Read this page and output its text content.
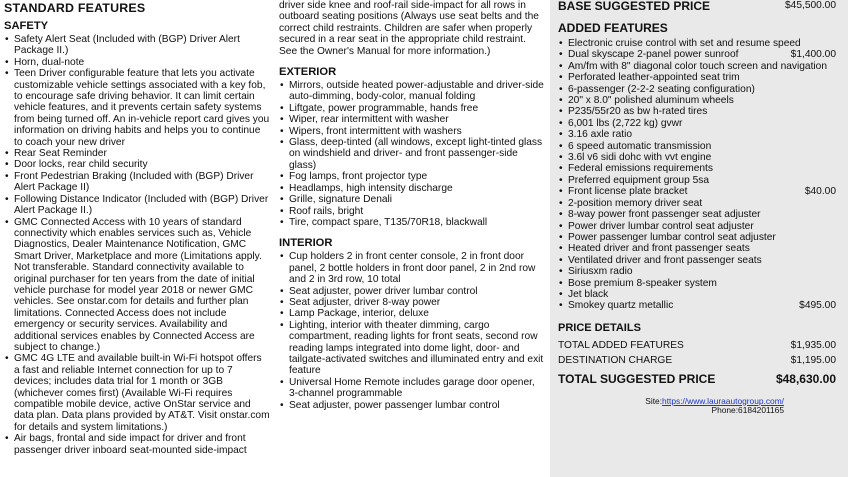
STANDARD FEATURES
SAFETY
• Safety Alert Seat (Included with (BGP) Driver Alert Package II.)
• Horn, dual-note
• Teen Driver configurable feature that lets you activate customizable vehicle settings associated with a key fob, to encourage safe driving behavior. It can limit certain vehicle features, and it prevents certain safety systems from being turned off. An in-vehicle report card gives you information on driving habits and helps you to continue to coach your new driver
• Rear Seat Reminder
• Door locks, rear child security
• Front Pedestrian Braking (Included with (BGP) Driver Alert Package II)
• Following Distance Indicator (Included with (BGP) Driver Alert Package II.)
• GMC Connected Access with 10 years of standard connectivity which enables services such as, Vehicle Diagnostics, Dealer Maintenance Notification, GMC Smart Driver, Marketplace and more (Limitations apply. Not transferable. Standard connectivity available to original purchaser for ten years from the date of initial vehicle purchase for model year 2018 or newer GMC vehicles. See onstar.com for details and further plan limitations. Connected Access does not include emergency or security services. Availability and additional services enables by Connected Access are subject to change.)
• GMC 4G LTE and available built-in Wi-Fi hotspot offers a fast and reliable Internet connection for up to 7 devices; includes data trial for 1 month or 3GB (whichever comes first) (Available Wi-Fi requires compatible mobile device, active OnStar service and data plan. Data plans provided by AT&T. Visit onstar.com for details and system limitations.)
• Air bags, frontal and side impact for driver and front passenger driver inboard seat-mounted side-impact

driver side knee and roof-rail side-impact for all rows in outboard seating positions (Always use seat belts and the correct child restraints. Children are safer when properly secured in a rear seat in the appropriate child restraint. See the Owner's Manual for more information.)

EXTERIOR
• Mirrors, outside heated power-adjustable and driver-side auto-dimming, body-color, manual folding
• Liftgate, power programmable, hands free
• Wiper, rear intermittent with washer
• Wipers, front intermittent with washers
• Glass, deep-tinted (all windows, except light-tinted glass on windshield and driver- and front passenger-side glass)
• Fog lamps, front projector type
• Headlamps, high intensity discharge
• Grille, signature Denali
• Roof rails, bright
• Tire, compact spare, T135/70R18, blackwall
INTERIOR
• Cup holders 2 in front center console, 2 in front door panel, 2 bottle holders in front door panel, 2 in 2nd row and 2 in 3rd row, 10 total
• Seat adjuster, power driver lumbar control
• Seat adjuster, driver 8-way power
• Lamp Package, interior, deluxe
• Lighting, interior with theater dimming, cargo compartment, reading lights for front seats, second row reading lamps integrated into dome light, door- and tailgate-activated switches and illuminated entry and exit feature
• Universal Home Remote includes garage door opener, 3-channel programmable
• Seat adjuster, power passenger lumbar control
BASE SUGGESTED PRICE	$45,500.00
ADDED FEATURES
• Electronic cruise control with set and resume speed
• Dual skyscape 2-panel power sunroof	$1,400.00
• Am/fm with 8" diagonal color touch screen and navigation
• Perforated leather-appointed seat trim
• 6-passenger (2-2-2 seating configuration)
• 20" x 8.0" polished aluminum wheels
• P235/55r20 as bw h-rated tires
• 6,001 lbs (2,722 kg) gvwr
• 3.16 axle ratio
• 6 speed automatic transmission
• 3.6l v6 sidi dohc with vvt engine
• Federal emissions requirements
• Preferred equipment group 5sa
• Front license plate bracket	$40.00
• 2-position memory driver seat
• 8-way power front passenger seat adjuster
• Power driver lumbar control seat adjuster
• Power passenger lumbar control seat adjuster
• Heated driver and front passenger seats
• Ventilated driver and front passenger seats
• Siriusxm radio
• Bose premium 8-speaker system
• Jet black
• Smokey quartz metallic	$495.00
PRICE DETAILS
TOTAL ADDED FEATURES	$1,935.00
DESTINATION CHARGE	$1,195.00
TOTAL SUGGESTED PRICE	$48,630.00
Site:https://www.lauraautogroup.com/
Phone:6184201165
